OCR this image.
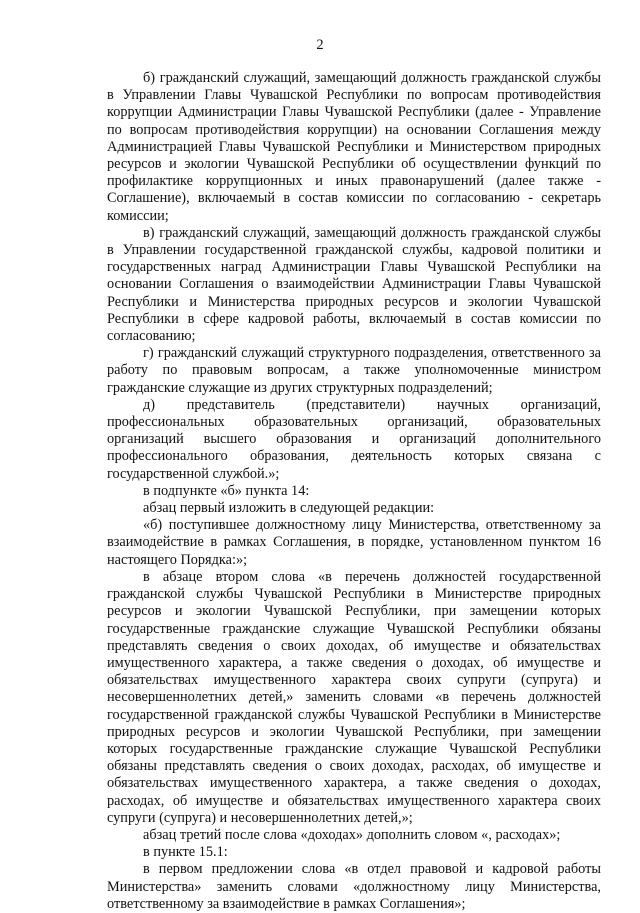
2

б) гражданский служащий, замещающий должность гражданской службы в Управлении Главы Чувашской Республики по вопросам противодействия коррупции Администрации Главы Чувашской Республики (далее - Управление по вопросам противодействия коррупции) на основании Соглашения между Администрацией Главы Чувашской Республики и Министерством природных ресурсов и экологии Чувашской Республики об осуществлении функций по профилактике коррупционных и иных правонарушений (далее также - Соглашение), включаемый в состав комиссии по согласованию - секретарь комиссии;

в) гражданский служащий, замещающий должность гражданской службы в Управлении государственной гражданской службы, кадровой политики и государственных наград Администрации Главы Чувашской Республики на основании Соглашения о взаимодействии Администрации Главы Чувашской Республики и Министерства природных ресурсов и экологии Чувашской Республики в сфере кадровой работы, включаемый в состав комиссии по согласованию;

г) гражданский служащий структурного подразделения, ответственного за работу по правовым вопросам, а также уполномоченные министром гражданские служащие из других структурных подразделений;

д) представитель (представители) научных организаций, профессиональных образовательных организаций, образовательных организаций высшего образования и организаций дополнительного профессионального образования, деятельность которых связана с государственной службой.»;

в подпункте «б» пункта 14:

абзац первый изложить в следующей редакции:

«б) поступившее должностному лицу Министерства, ответственному за взаимодействие в рамках Соглашения, в порядке, установленном пунктом 16 настоящего Порядка:»;

в абзаце втором слова «в перечень должностей государственной гражданской службы Чувашской Республики в Министерстве природных ресурсов и экологии Чувашской Республики, при замещении которых государственные гражданские служащие Чувашской Республики обязаны представлять сведения о своих доходах, об имуществе и обязательствах имущественного характера, а также сведения о доходах, об имуществе и обязательствах имущественного характера своих супруги (супруга) и несовершеннолетних детей,» заменить словами «в перечень должностей государственной гражданской службы Чувашской Республики в Министерстве природных ресурсов и экологии Чувашской Республики, при замещении которых государственные гражданские служащие Чувашской Республики обязаны представлять сведения о своих доходах, расходах, об имуществе и обязательствах имущественного характера, а также сведения о доходах, расходах, об имуществе и обязательствах имущественного характера своих супруги (супруга) и несовершеннолетних детей,»;

абзац третий после слова «доходах» дополнить словом «, расходах»;

в пункте 15.1:

в первом предложении слова «в отдел правовой и кадровой работы Министерства» заменить словами «должностному лицу Министерства, ответственному за взаимодействие в рамках Соглашения»;
